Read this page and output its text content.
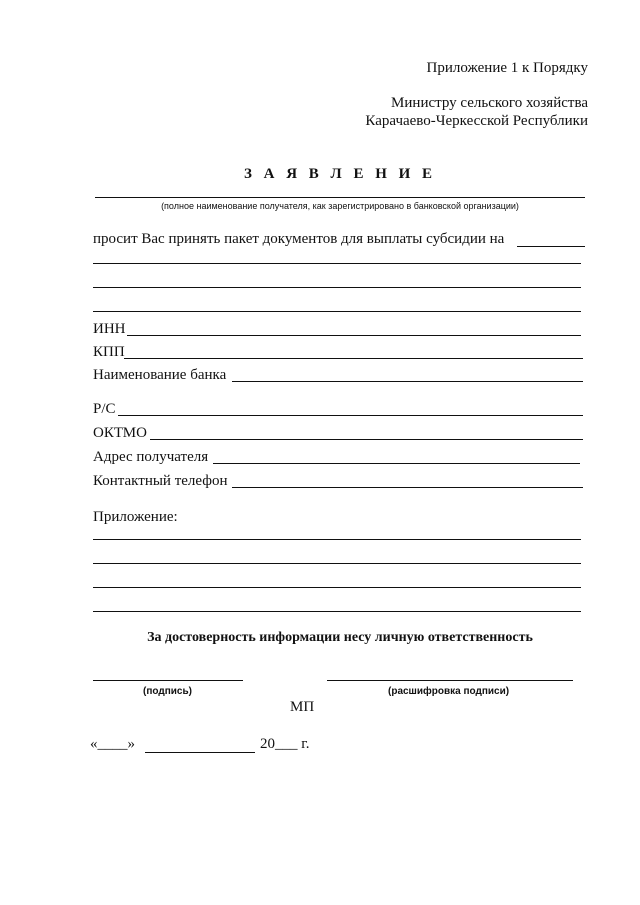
Приложение 1 к Порядку
Министру сельского хозяйства
Карачаево-Черкесской Республики
З А Я В Л Е Н И Е
(полное наименование получателя, как зарегистрировано в банковской организации)
просит Вас принять пакет документов для выплаты субсидии на
ИНН
КПП
Наименование банка
Р/С
ОКТМО
Адрес получателя
Контактный телефон
Приложение:
За достоверность информации несу личную ответственность
(подпись)	(расшифровка подписи)
МП
«____»	20___ г.
